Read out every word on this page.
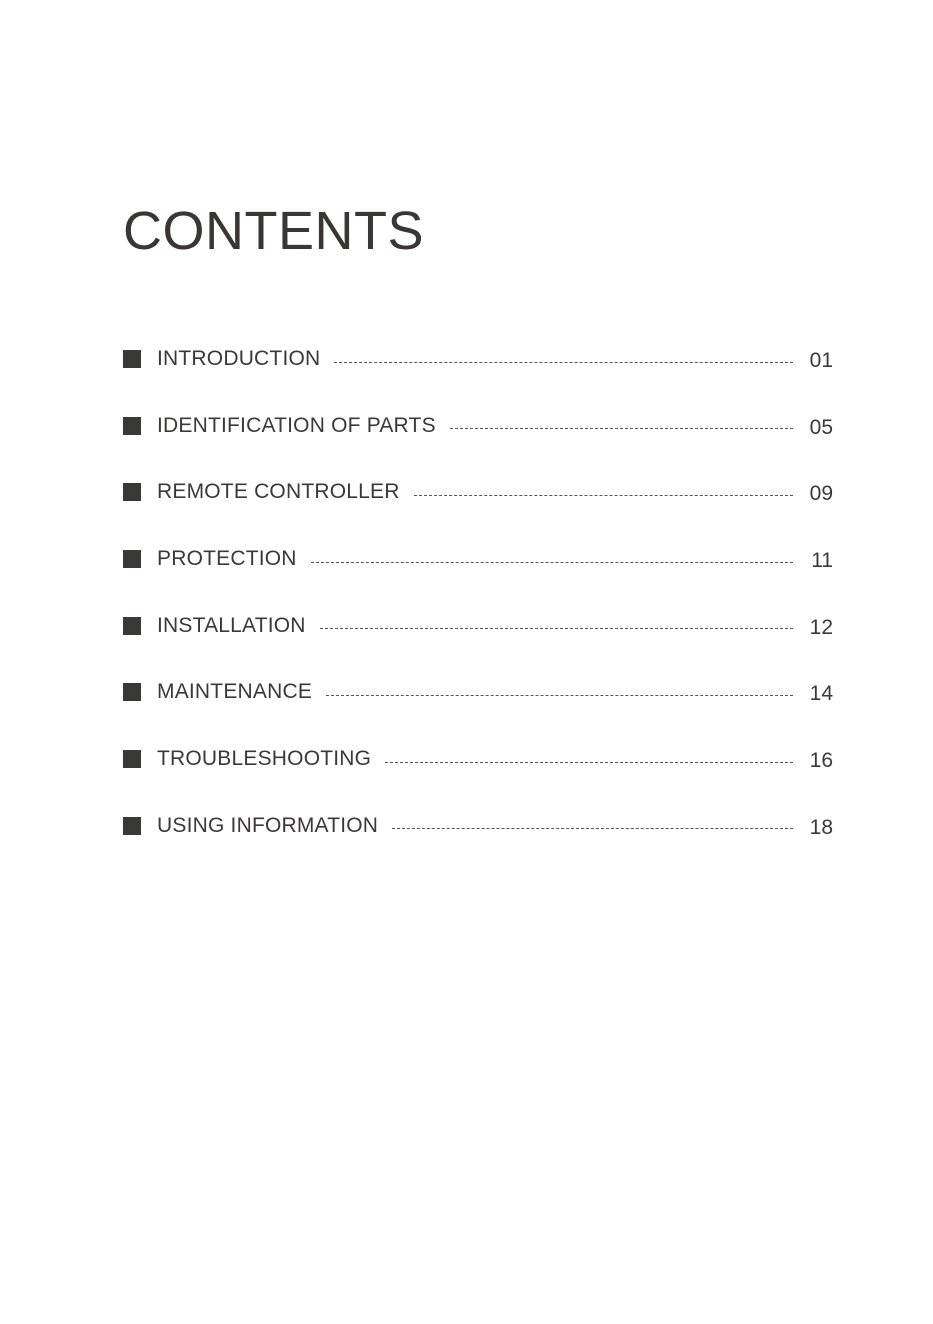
CONTENTS
INTRODUCTION	01
IDENTIFICATION OF PARTS	05
REMOTE CONTROLLER	09
PROTECTION	11
INSTALLATION	12
MAINTENANCE	14
TROUBLESHOOTING	16
USING INFORMATION	18
